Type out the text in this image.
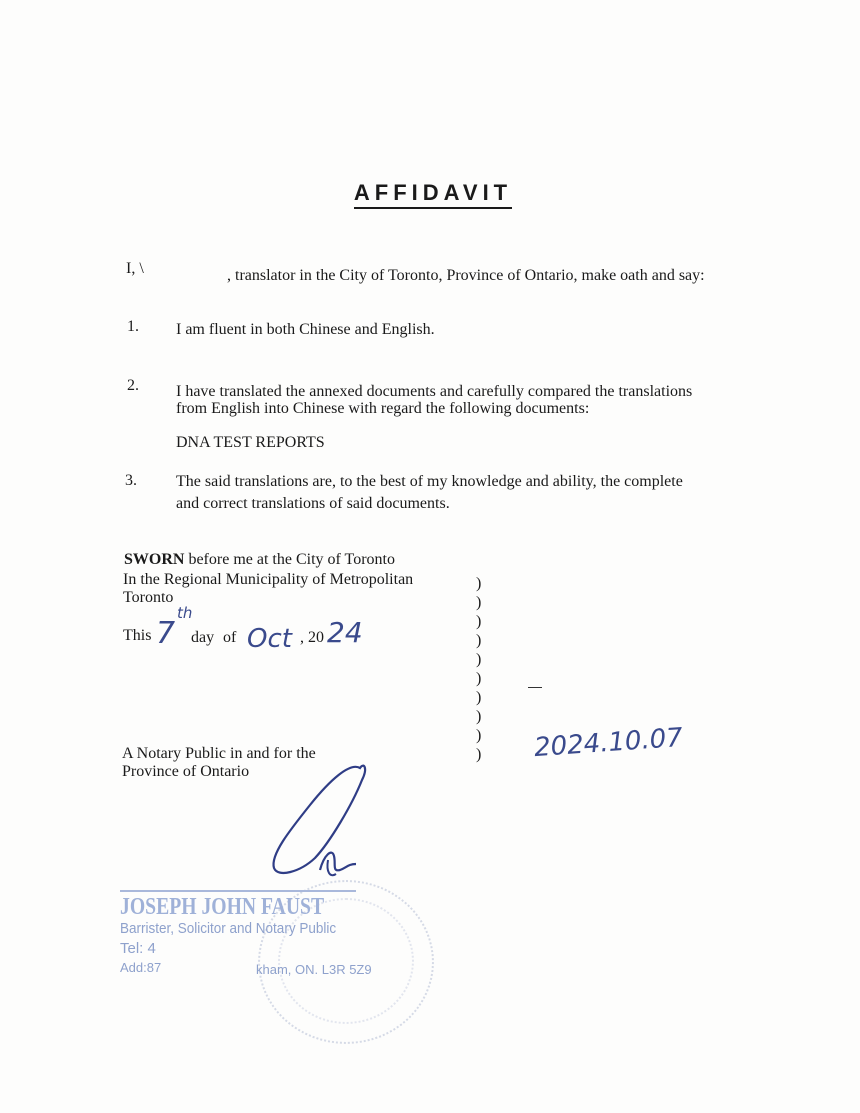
AFFIDAVIT
I, \	, translator in the City of Toronto, Province of Ontario, make oath and say:
1. I am fluent in both Chinese and English.
2. I have translated the annexed documents and carefully compared the translations
from English into Chinese with regard the following documents:
DNA TEST REPORTS
3. The said translations are, to the best of my knowledge and ability, the complete
and correct translations of said documents.
SWORN before me at the City of Toronto
In the Regional Municipality of Metropolitan
Toronto
This 7
th
day of Oct , 20 24
)
)
)
)
)
)
)
)
)
) 2024.10.07
A Notary Public in and for the
Province of Ontario
JOSEPH JOHN FAUST
Barrister, Solicitor and Notary Public
Tel: 4
Add:87	kham, ON. L3R 5Z9
